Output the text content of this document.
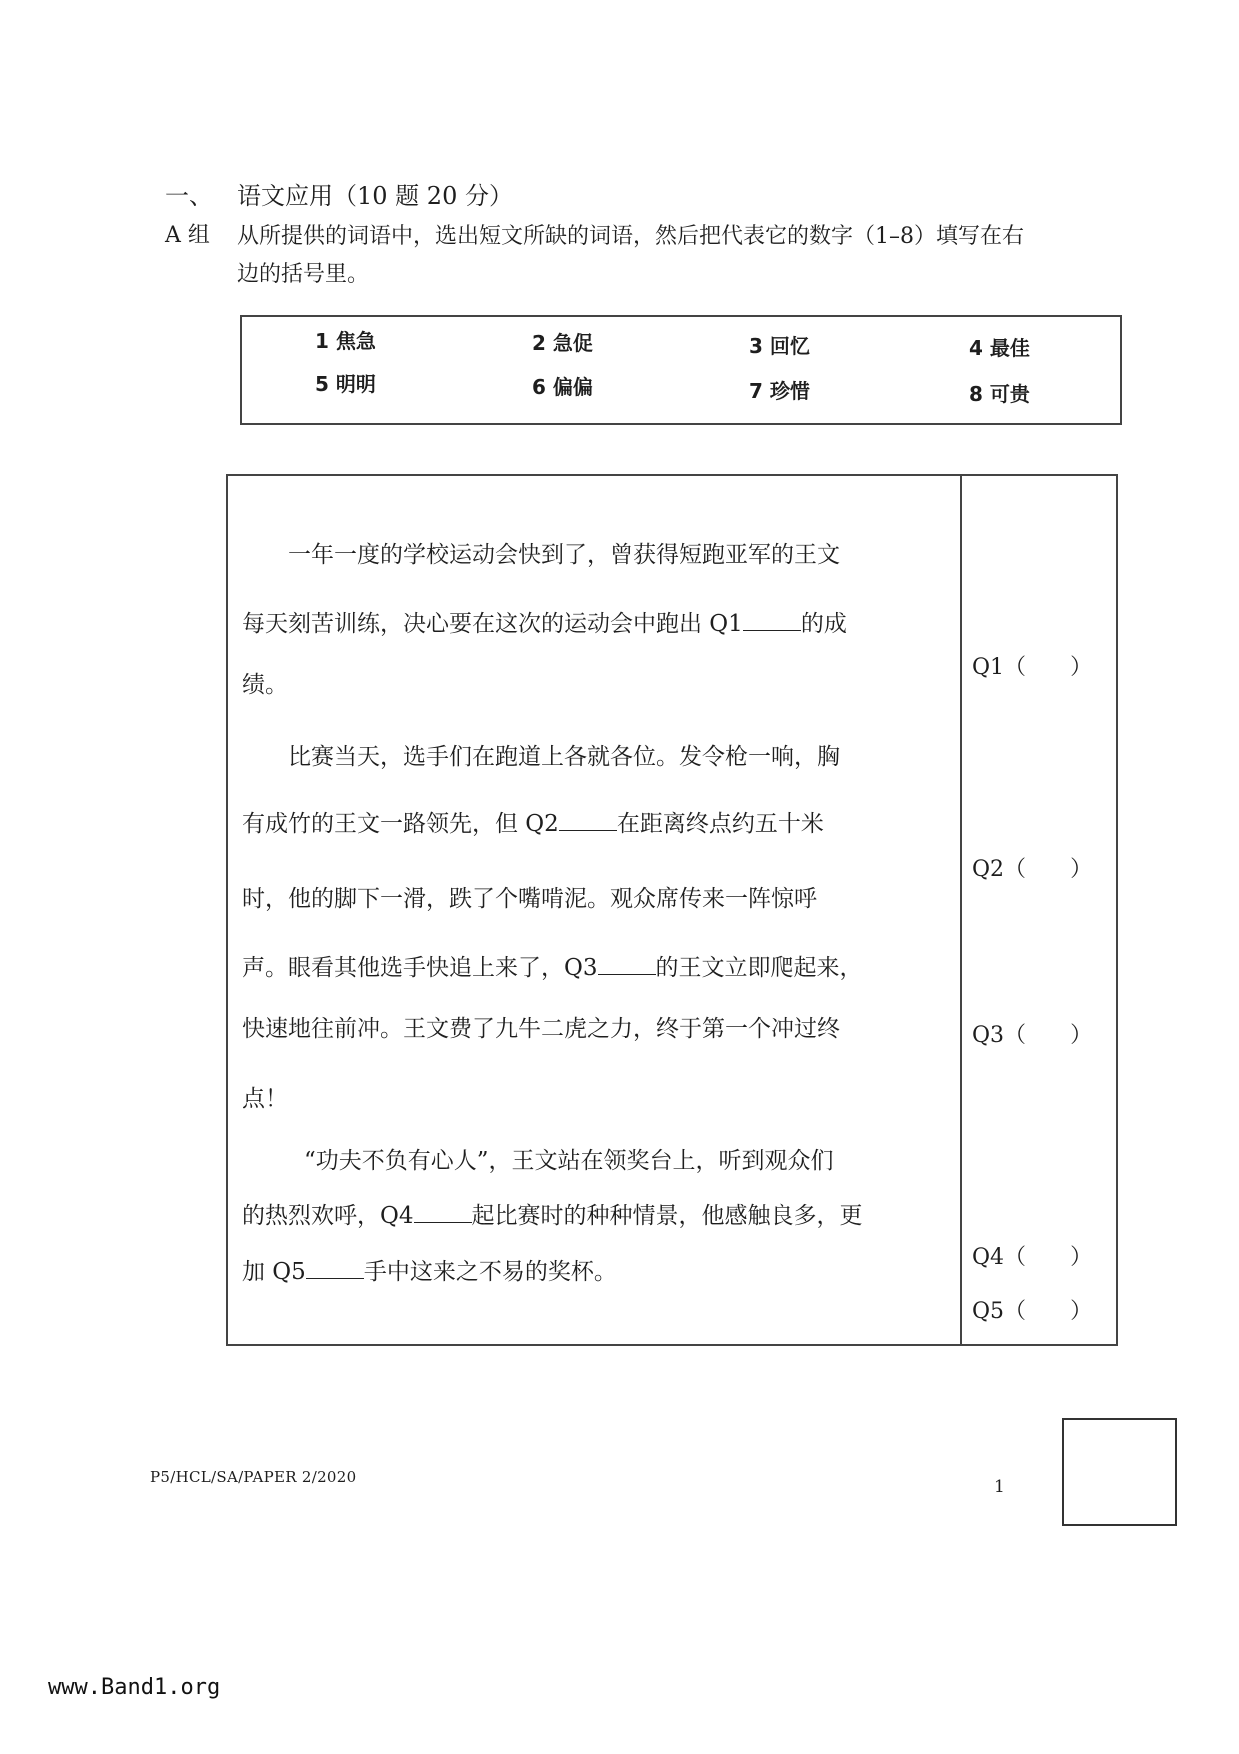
一、 语文应用（10 题 20 分）
A 组 从所提供的词语中，选出短文所缺的词语，然后把代表它的数字（1–8）填写在右
边的括号里。
1 焦急	2 急促	3 回忆	4 最佳
5 明明	6 偏偏	7 珍惜	8 可贵
一年一度的学校运动会快到了，曾获得短跑亚军的王文
每天刻苦训练，决心要在这次的运动会中跑出 Q1	的成
绩。
比赛当天，选手们在跑道上各就各位。发令枪一响，胸
有成竹的王文一路领先，但 Q2	在距离终点约五十米
时，他的脚下一滑，跌了个嘴啃泥。观众席传来一阵惊呼
声。眼看其他选手快追上来了，Q3	的王文立即爬起来，
快速地往前冲。王文费了九牛二虎之力，终于第一个冲过终
点！
“功夫不负有心人”，王文站在领奖台上，听到观众们
的热烈欢呼，Q4	起比赛时的种种情景，他感触良多，更
加 Q5	手中这来之不易的奖杯。
Q1（ ）
Q2（ ）
Q3（ ）
Q4（ ）
Q5（ ）
P5/HCL/SA/PAPER 2/2020	1
www.Band1.org
